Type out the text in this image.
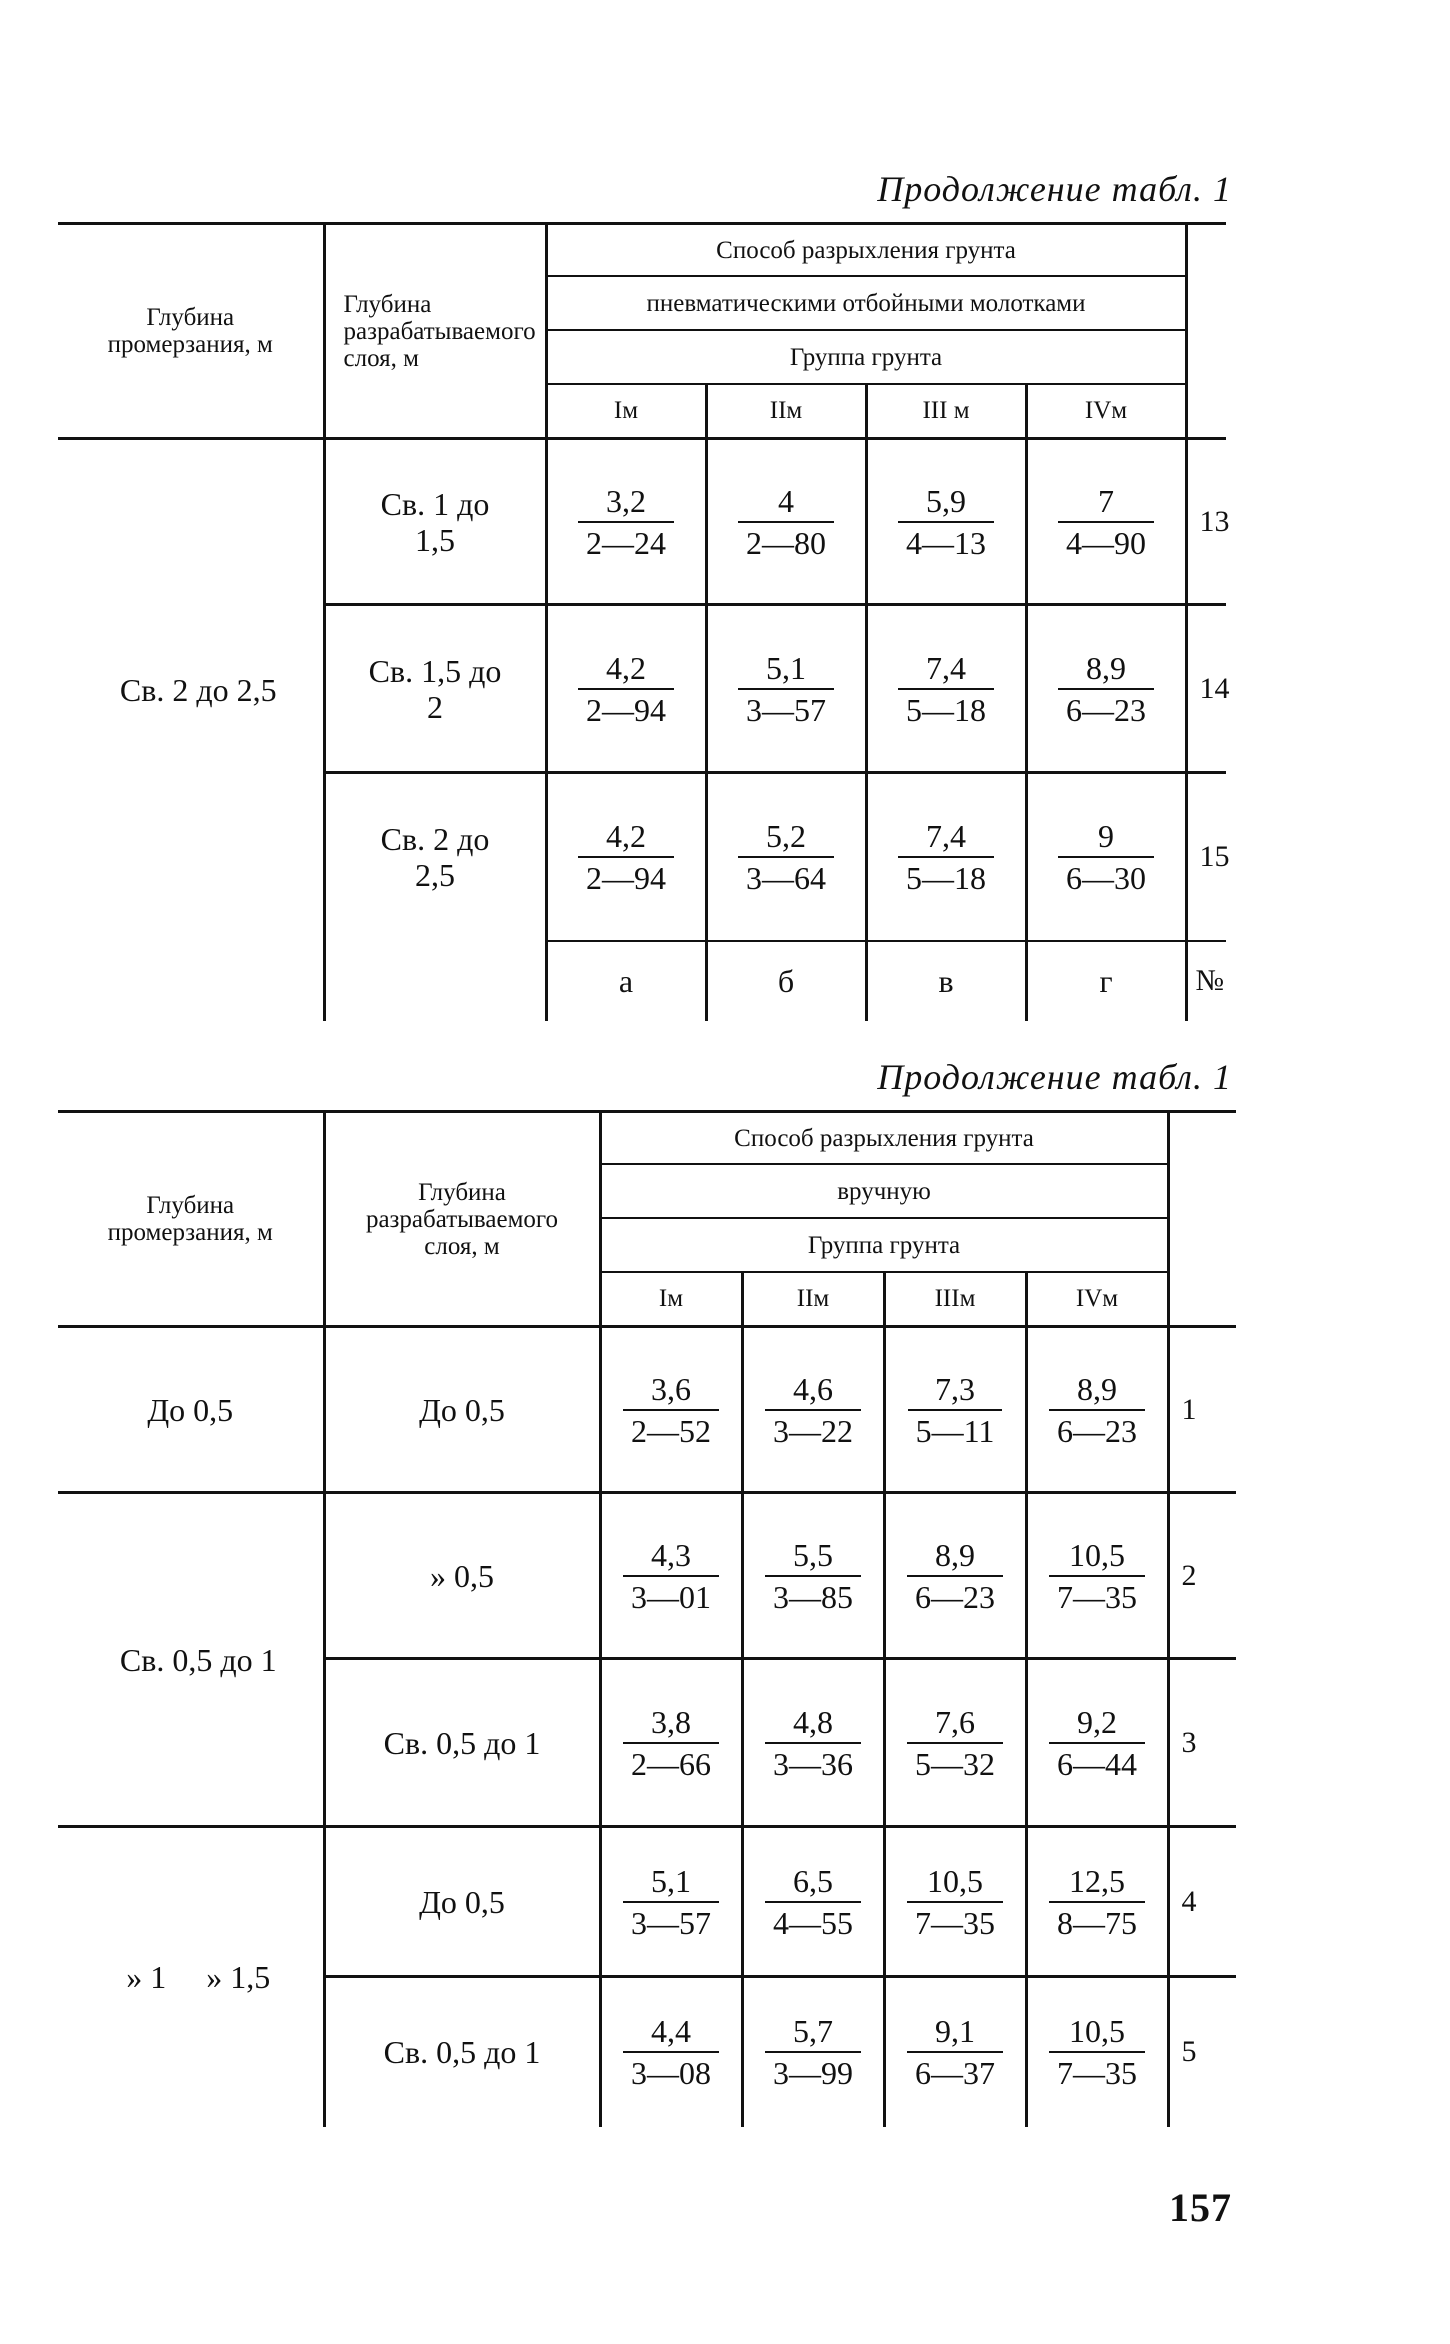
Продолжение табл. 1
Глубина промерзания, м	Глубина разрабатываемого слоя, м	Способ разрыхления грунта				
		пневматическими отбойными молотками				
		Группа грунта				
		Iм	IIм	III м	IVм	
Св. 2 до 2,5	Св. 1 до 1,5	$\frac{3,2}{2—24}$	$\frac{4}{2—80}$	$\frac{5,9}{4—13}$	$\frac{7}{4—90}$	13
	Св. 1,5 до 2	$\frac{4,2}{2—94}$	$\frac{5,1}{3—57}$	$\frac{7,4}{5—18}$	$\frac{8,9}{6—23}$	14
	Св. 2 до 2,5	$\frac{4,2}{2—94}$	$\frac{5,2}{3—64}$	$\frac{7,4}{5—18}$	$\frac{9}{6—30}$	15
		а	б	в	г	№
Продолжение табл. 1
Глубина промерзания, м	Глубина разрабатываемого слоя, м	Способ разрыхления грунта				
		вручную				
		Группа грунта				
		Iм	IIм	IIIм	IVм	
До 0,5	До 0,5	$\frac{3,6}{2—52}$	$\frac{4,6}{3—22}$	$\frac{7,3}{5—11}$	$\frac{8,9}{6—23}$	1
Св. 0,5 до 1	» 0,5	$\frac{4,3}{3—01}$	$\frac{5,5}{3—85}$	$\frac{8,9}{6—23}$	$\frac{10,5}{7—35}$	2
	Св. 0,5 до 1	$\frac{3,8}{2—66}$	$\frac{4,8}{3—36}$	$\frac{7,6}{5—32}$	$\frac{9,2}{6—44}$	3
» 1     » 1,5	До 0,5	$\frac{5,1}{3—57}$	$\frac{6,5}{4—55}$	$\frac{10,5}{7—35}$	$\frac{12,5}{8—75}$	4
	Св. 0,5 до 1	$\frac{4,4}{3—08}$	$\frac{5,7}{3—99}$	$\frac{9,1}{6—37}$	$\frac{10,5}{7—35}$	5
157
